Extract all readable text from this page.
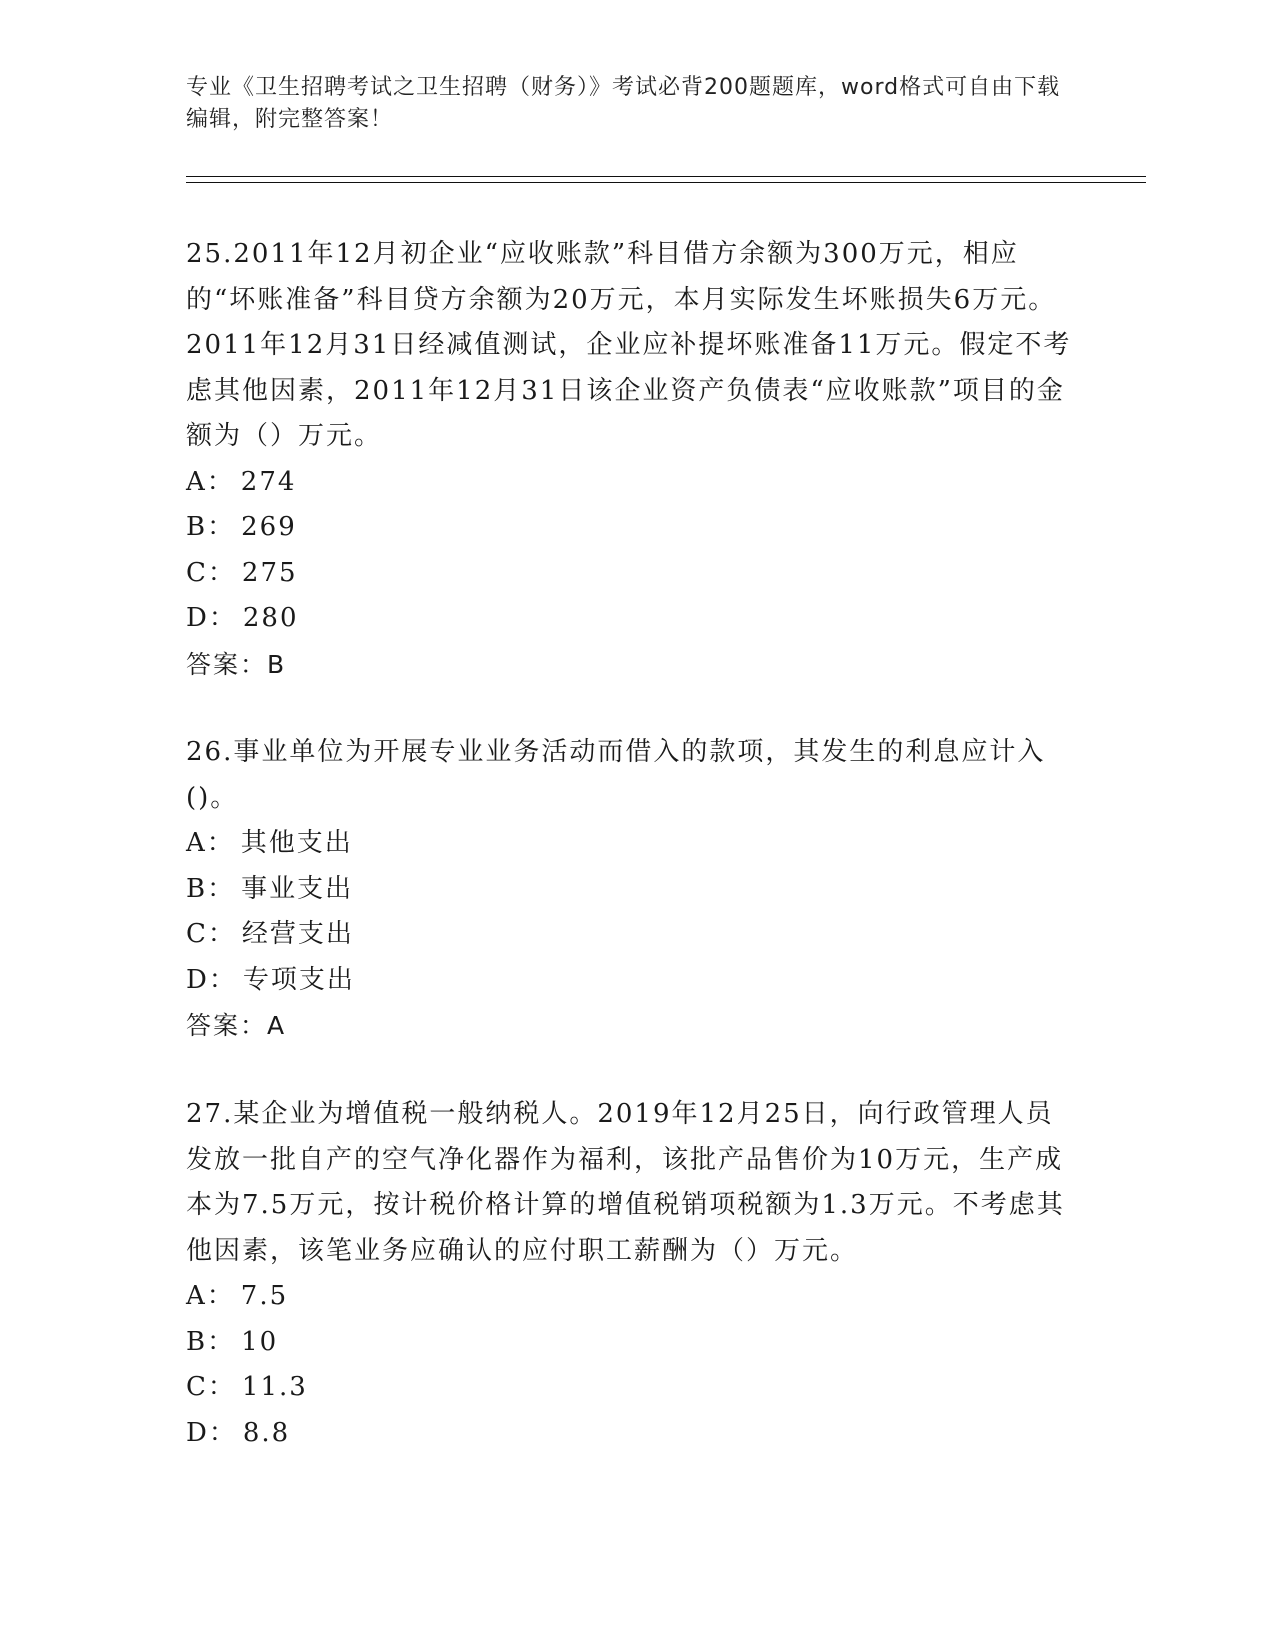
专业《卫生招聘考试之卫生招聘（财务）》考试必背200题题库，word格式可自由下载编辑，附完整答案！

25.2011年12月初企业“应收账款”科目借方余额为300万元，相应的“坏账准备”科目贷方余额为20万元，本月实际发生坏账损失6万元。2011年12月31日经减值测试，企业应补提坏账准备11万元。假定不考虑其他因素，2011年12月31日该企业资产负债表“应收账款”项目的金额为（）万元。

A： 274

B： 269

C： 275

D： 280

答案：B

26.事业单位为开展专业业务活动而借入的款项，其发生的利息应计入()。

A： 其他支出

B： 事业支出

C： 经营支出

D： 专项支出

答案：A

27.某企业为增值税一般纳税人。2019年12月25日，向行政管理人员发放一批自产的空气净化器作为福利，该批产品售价为10万元，生产成本为7.5万元，按计税价格计算的增值税销项税额为1.3万元。不考虑其他因素，该笔业务应确认的应付职工薪酬为（）万元。

A： 7.5

B： 10

C： 11.3

D： 8.8
